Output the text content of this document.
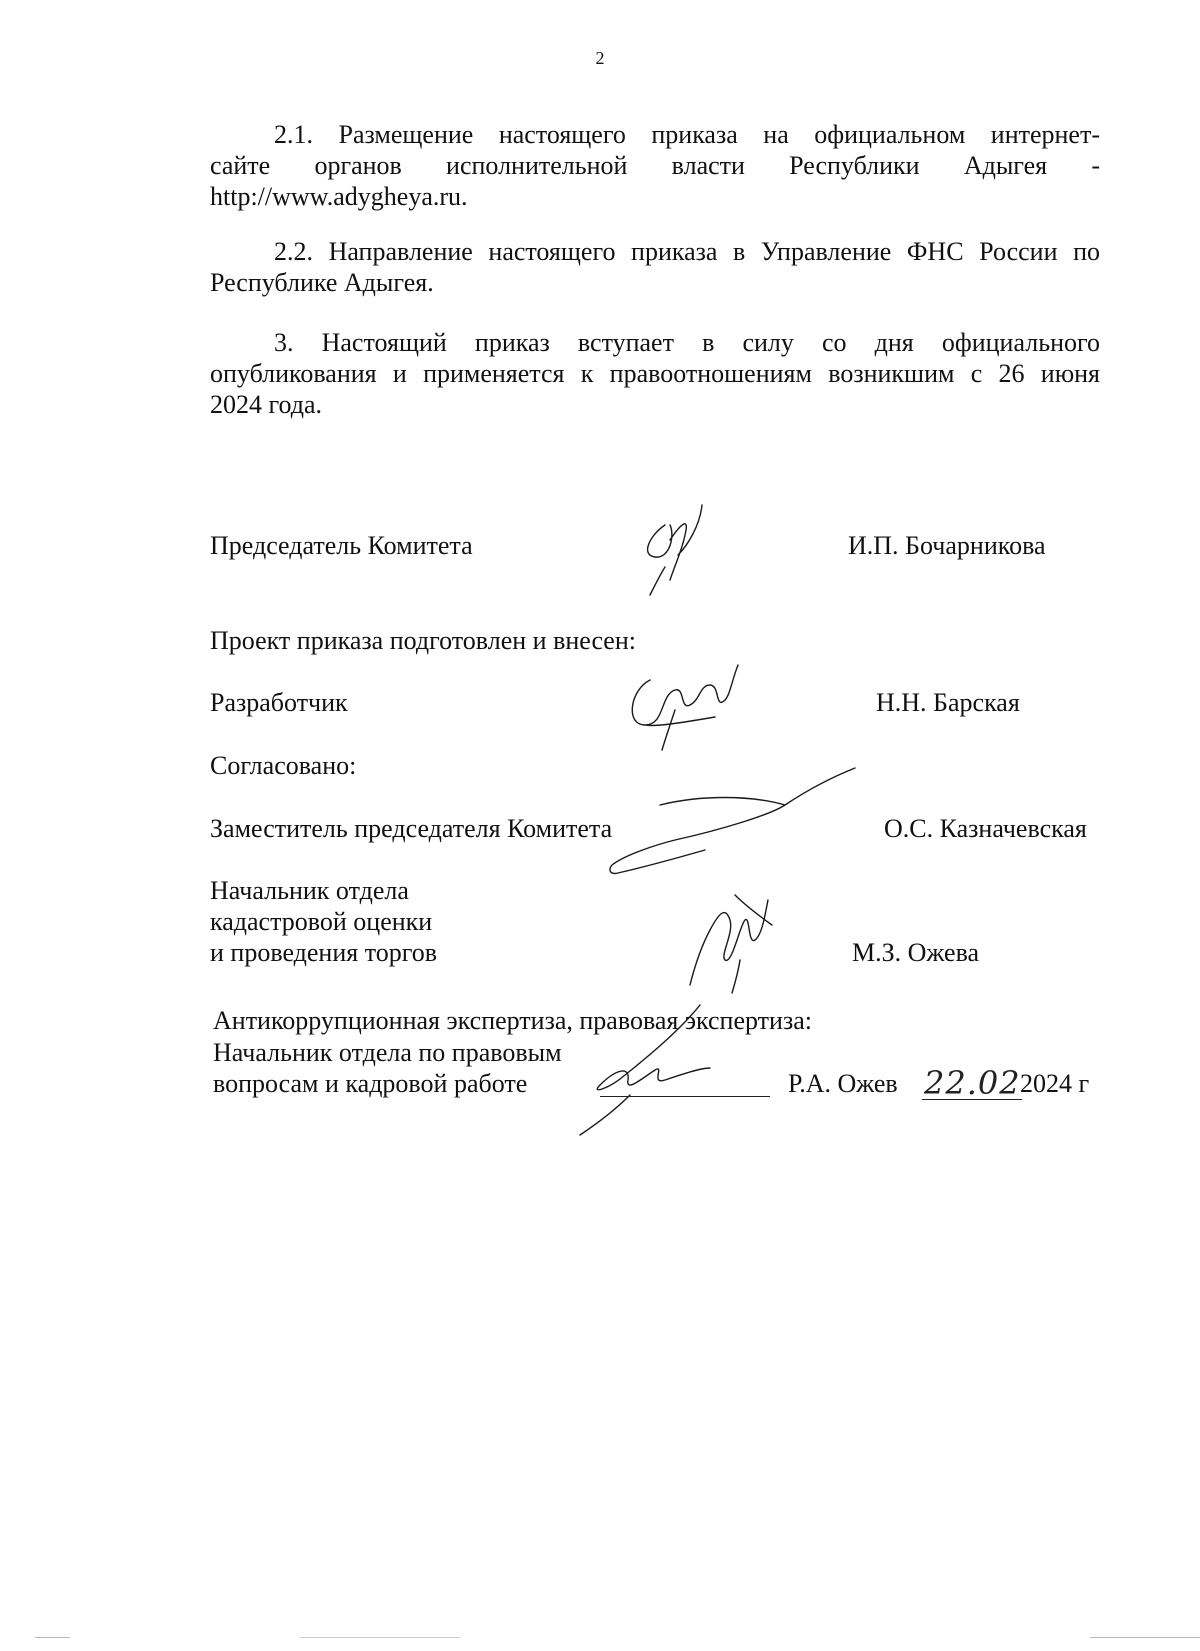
2
2.1. Размещение настоящего приказа на официальном интернет-
сайте органов исполнительной власти Республики Адыгея -
http://www.adygheya.ru.
2.2. Направление настоящего приказа в Управление ФНС России по
Республике Адыгея.
3. Настоящий приказ вступает в силу со дня официального
опубликования и применяется к правоотношениям возникшим с 26 июня
2024 года.
Председатель Комитета	И.П. Бочарникова
Проект приказа подготовлен и внесен:
Разработчик	Н.Н. Барская
Согласовано:
Заместитель председателя Комитета	О.С. Казначевская
Начальник отдела
кадастровой оценки
и проведения торгов	М.З. Ожева
Антикоррупционная экспертиза, правовая экспертиза:
Начальник отдела по правовым
вопросам и кадровой работе	Р.А. Ожев 22.02 2024 г
